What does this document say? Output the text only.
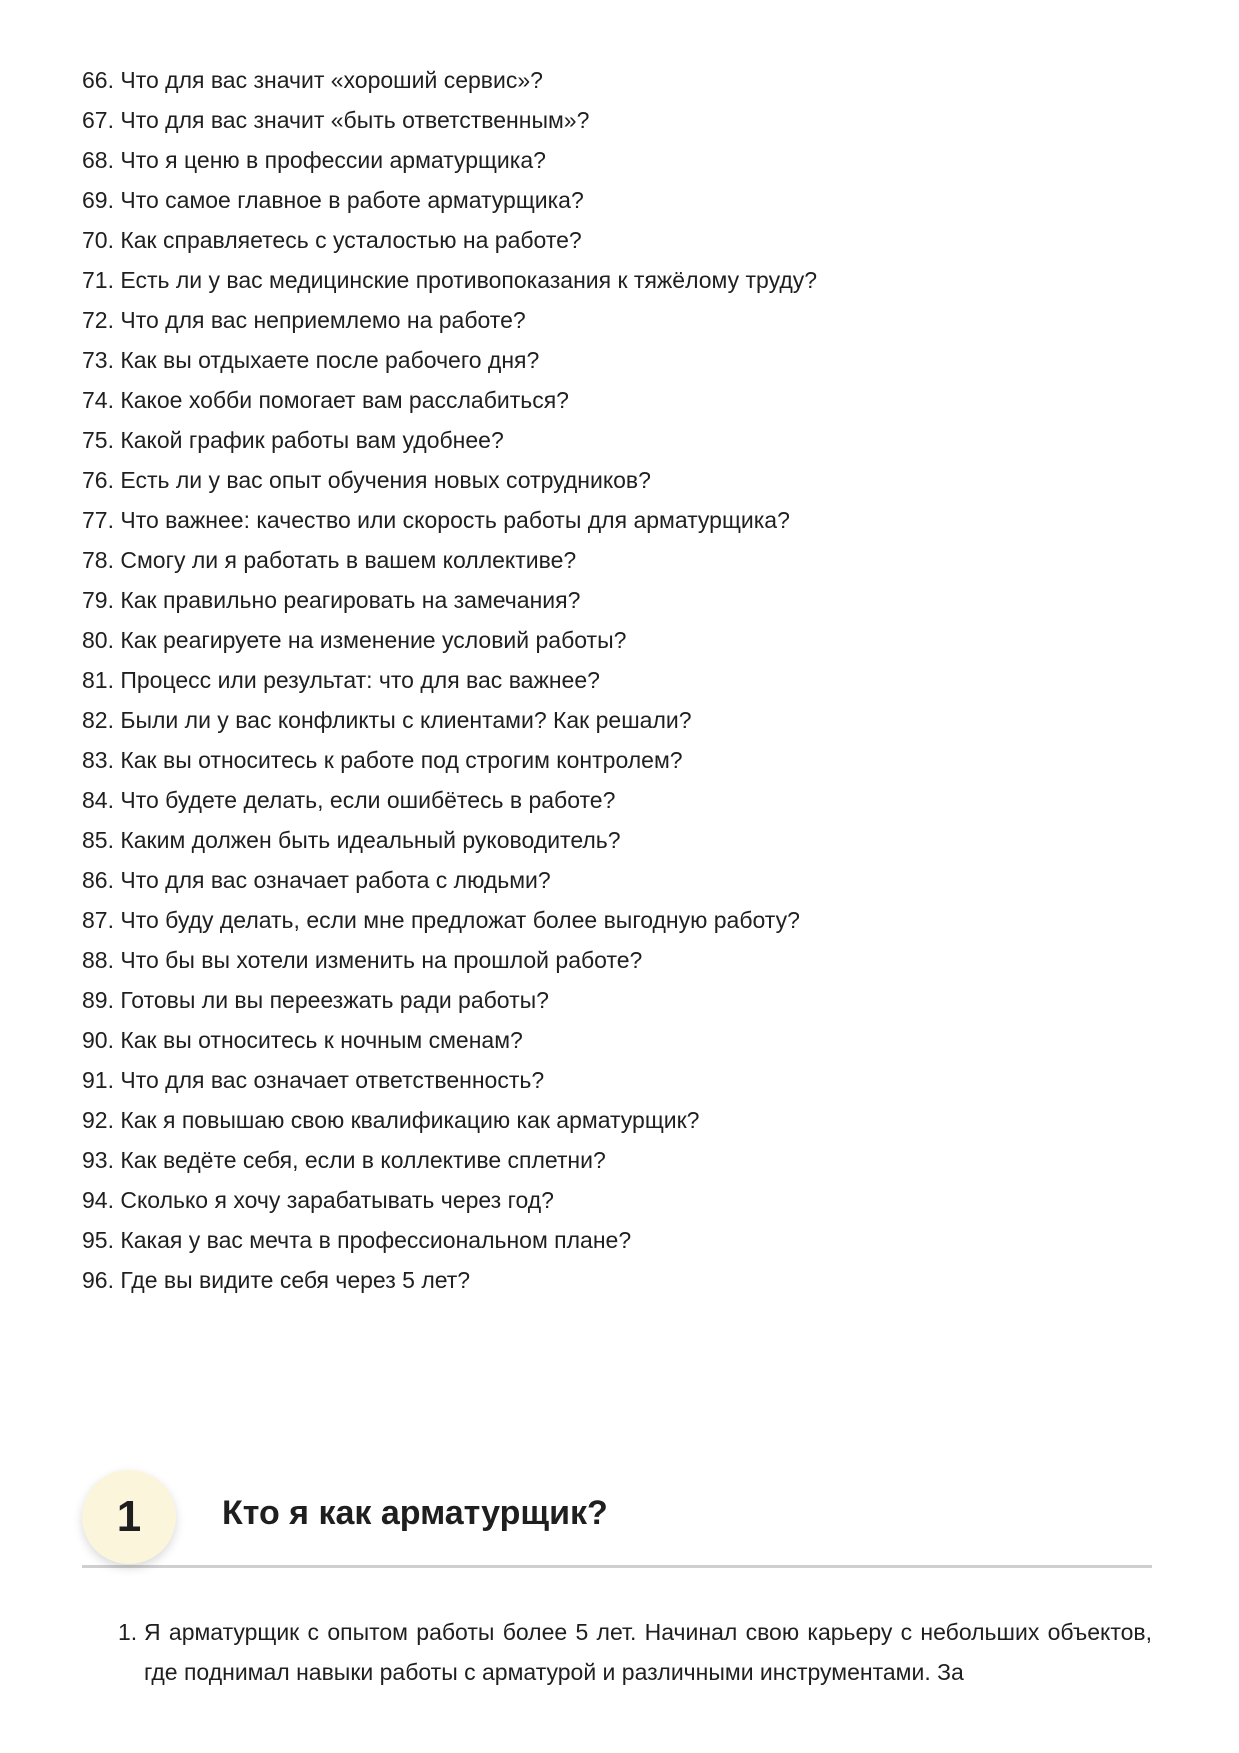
66. Что для вас значит «хороший сервис»?
67. Что для вас значит «быть ответственным»?
68. Что я ценю в профессии арматурщика?
69. Что самое главное в работе арматурщика?
70. Как справляетесь с усталостью на работе?
71. Есть ли у вас медицинские противопоказания к тяжёлому труду?
72. Что для вас неприемлемо на работе?
73. Как вы отдыхаете после рабочего дня?
74. Какое хобби помогает вам расслабиться?
75. Какой график работы вам удобнее?
76. Есть ли у вас опыт обучения новых сотрудников?
77. Что важнее: качество или скорость работы для арматурщика?
78. Смогу ли я работать в вашем коллективе?
79. Как правильно реагировать на замечания?
80. Как реагируете на изменение условий работы?
81. Процесс или результат: что для вас важнее?
82. Были ли у вас конфликты с клиентами? Как решали?
83. Как вы относитесь к работе под строгим контролем?
84. Что будете делать, если ошибётесь в работе?
85. Каким должен быть идеальный руководитель?
86. Что для вас означает работа с людьми?
87. Что буду делать, если мне предложат более выгодную работу?
88. Что бы вы хотели изменить на прошлой работе?
89. Готовы ли вы переезжать ради работы?
90. Как вы относитесь к ночным сменам?
91. Что для вас означает ответственность?
92. Как я повышаю свою квалификацию как арматурщик?
93. Как ведёте себя, если в коллективе сплетни?
94. Сколько я хочу зарабатывать через год?
95. Какая у вас мечта в профессиональном плане?
96. Где вы видите себя через 5 лет?
1	Кто я как арматурщик?
1. Я арматурщик с опытом работы более 5 лет. Начинал свою карьеру с небольших объектов, где поднимал навыки работы с арматурой и различными инструментами. За
